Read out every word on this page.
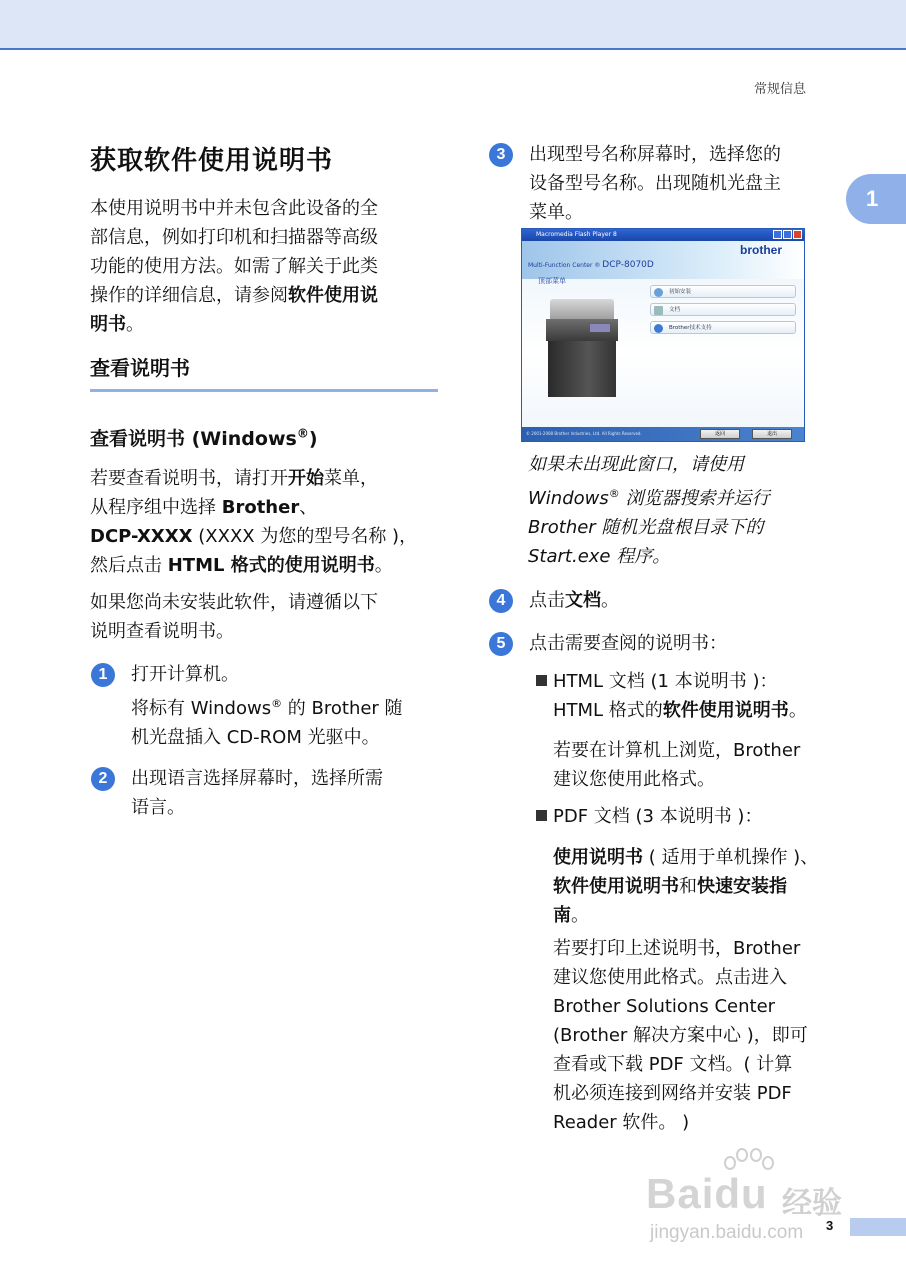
常规信息
1
获取软件使用说明书
本使用说明书中并未包含此设备的全
部信息，例如打印机和扫描器等高级
功能的使用方法。如需了解关于此类
操作的详细信息，请参阅软件使用说
明书。
查看说明书
查看说明书 (Windows®)
若要查看说明书，请打开开始菜单，
从程序组中选择 Brother、
DCP-XXXX (XXXX 为您的型号名称 )，
然后点击 HTML 格式的使用说明书。
如果您尚未安装此软件，请遵循以下
说明查看说明书。
1	打开计算机。
将标有 Windows® 的 Brother 随
机光盘插入 CD-ROM 光驱中。
2	出现语言选择屏幕时，选择所需
语言。
3	出现型号名称屏幕时，选择您的
设备型号名称。出现随机光盘主
菜单。
Macromedia Flash Player 8
brother
Multi-Function Center ® DCP-8070D
顶部菜单
初始安装
文档
Brother技术支持
© 2001-2008 Brother Industries, Ltd. All Rights Reserved.	返回	退出
如果未出现此窗口，请使用
Windows® 浏览器搜索并运行
Brother 随机光盘根目录下的
Start.exe 程序。
4	点击文档。
5	点击需要查阅的说明书：
HTML 文档 (1 本说明书 )：
HTML 格式的软件使用说明书。
若要在计算机上浏览，Brother
建议您使用此格式。
PDF 文档 (3 本说明书 )：
使用说明书 ( 适用于单机操作 )、
软件使用说明书和快速安装指
南。
若要打印上述说明书，Brother
建议您使用此格式。点击进入
Brother Solutions Center
(Brother 解决方案中心 )，即可
查看或下载 PDF 文档。( 计算
机必须连接到网络并安装 PDF
Reader 软件。 )
Baidu 经验
jingyan.baidu.com 3
